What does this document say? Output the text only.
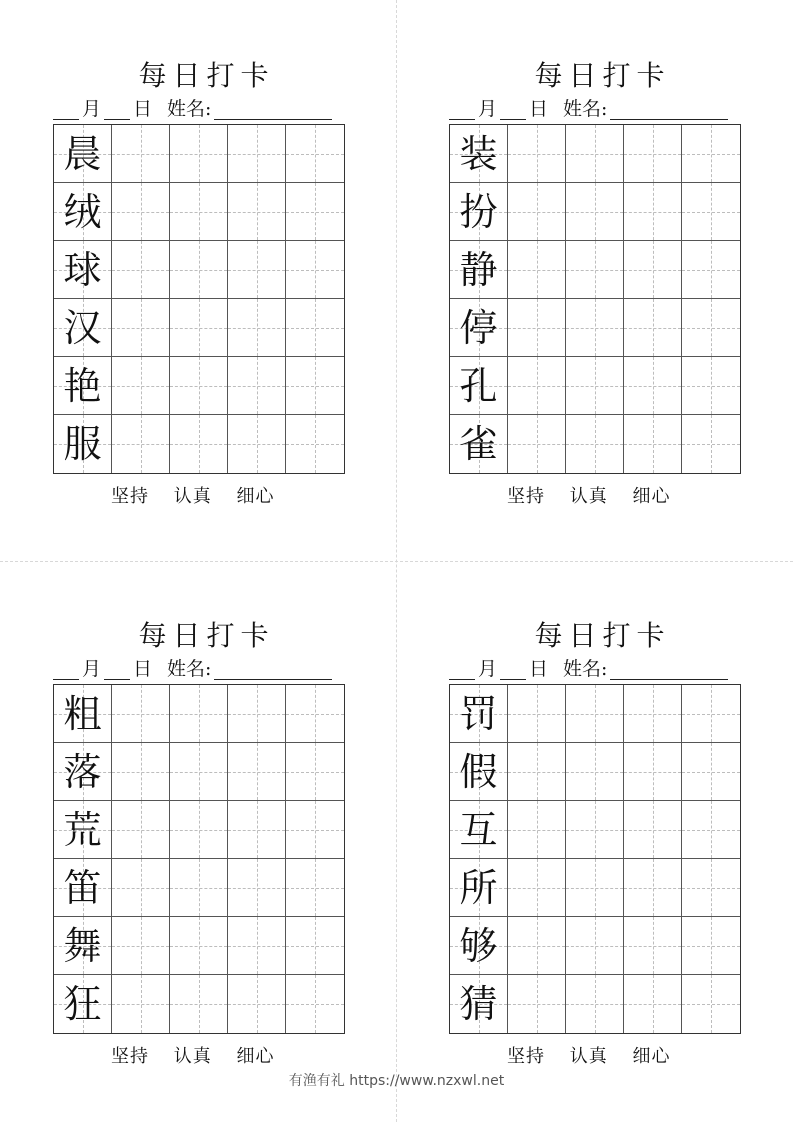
每日打卡
月 日 姓名:
晨
绒
球
汉
艳
服
坚持 认真 细心
每日打卡
月 日 姓名:
装
扮
静
停
孔
雀
坚持 认真 细心
每日打卡
月 日 姓名:
粗
落
荒
笛
舞
狂
坚持 认真 细心
每日打卡
月 日 姓名:
罚
假
互
所
够
猜
坚持 认真 细心
有渔有礼 https://www.nzxwl.net
